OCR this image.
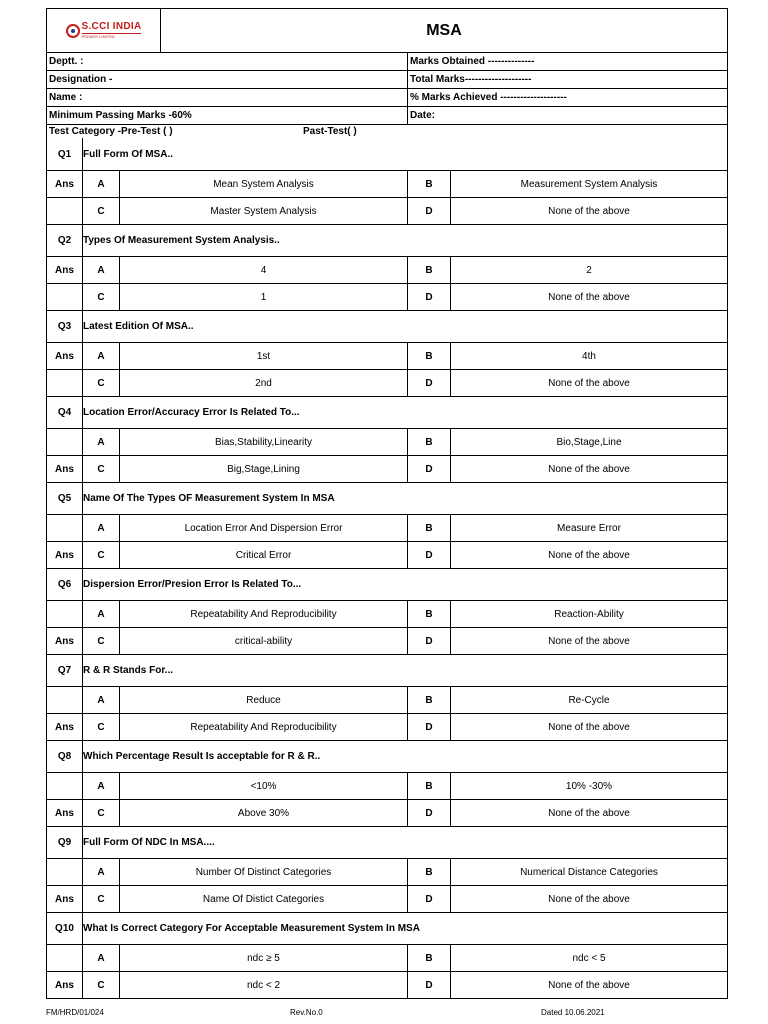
S.CCI INDIA
PRIVATE LIMITED	MSA
Deptt. :	Marks Obtained --------------
Designation -	Total Marks--------------------
Name :	% Marks Achieved --------------------
Minimum Passing Marks -60%	Date:
Test Category -Pre-Test ( )	Past-Test( )
Q1	Full Form Of MSA..
Ans	A	Mean System Analysis	B	Measurement System Analysis
C	Master System Analysis	D	None of the above
Q2	Types Of Measurement System Analysis..
Ans	A	4	B	2
C	1	D	None of the above
Q3	Latest Edition Of MSA..
Ans	A	1st	B	4th
C	2nd	D	None of the above
Q4	Location Error/Accuracy Error Is Related To...
A	Bias,Stability,Linearity	B	Bio,Stage,Line
Ans	C	Big,Stage,Lining	D	None of the above
Q5	Name Of The Types OF Measurement System In MSA
A	Location Error And Dispersion Error	B	Measure Error
Ans	C	Critical Error	D	None of the above
Q6	Dispersion Error/Presion Error Is Related To...
A	Repeatability And Reproducibility	B	Reaction-Ability
Ans	C	critical-ability	D	None of the above
Q7	R & R Stands For...
A	Reduce	B	Re-Cycle
Ans	C	Repeatability And Reproducibility	D	None of the above
Q8	Which Percentage Result Is acceptable for R & R..
A	<10%	B	10% -30%
Ans	C	Above 30%	D	None of the above
Q9	Full Form Of NDC In MSA....
A	Number Of Distinct Categories	B	Numerical Distance Categories
Ans	C	Name Of Distict Categories	D	None of the above
Q10 What Is Correct Category For Acceptable Measurement System In MSA
A	ndc ≥ 5	B	ndc < 5
Ans	C	ndc < 2	D	None of the above
FM/HRD/01/024	Rev.No.0	Dated 10.06.2021
